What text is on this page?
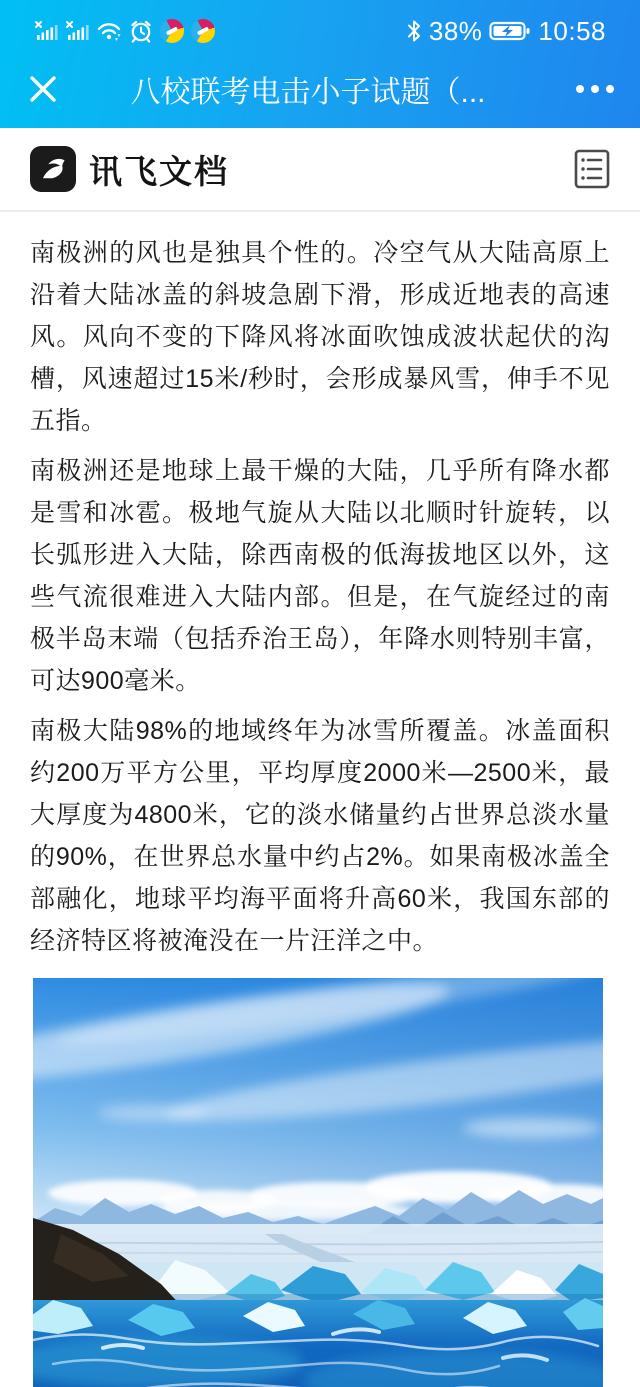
38% 10:58
八校联考电击小子试题（...
讯飞文档

南极洲的风也是独具个性的。冷空气从大陆高原上沿着大陆冰盖的斜坡急剧下滑，形成近地表的高速风。风向不变的下降风将冰面吹蚀成波状起伏的沟槽，风速超过15米/秒时，会形成暴风雪，伸手不见五指。

南极洲还是地球上最干燥的大陆，几乎所有降水都是雪和冰雹。极地气旋从大陆以北顺时针旋转，以长弧形进入大陆，除西南极的低海拔地区以外，这些气流很难进入大陆内部。但是，在气旋经过的南极半岛末端（包括乔治王岛），年降水则特别丰富，可达900毫米。

南极大陆98%的地域终年为冰雪所覆盖。冰盖面积约200万平方公里，平均厚度2000米—2500米，最大厚度为4800米，它的淡水储量约占世界总淡水量的90%，在世界总水量中约占2%。如果南极冰盖全部融化，地球平均海平面将升高60米，我国东部的经济特区将被淹没在一片汪洋之中。
